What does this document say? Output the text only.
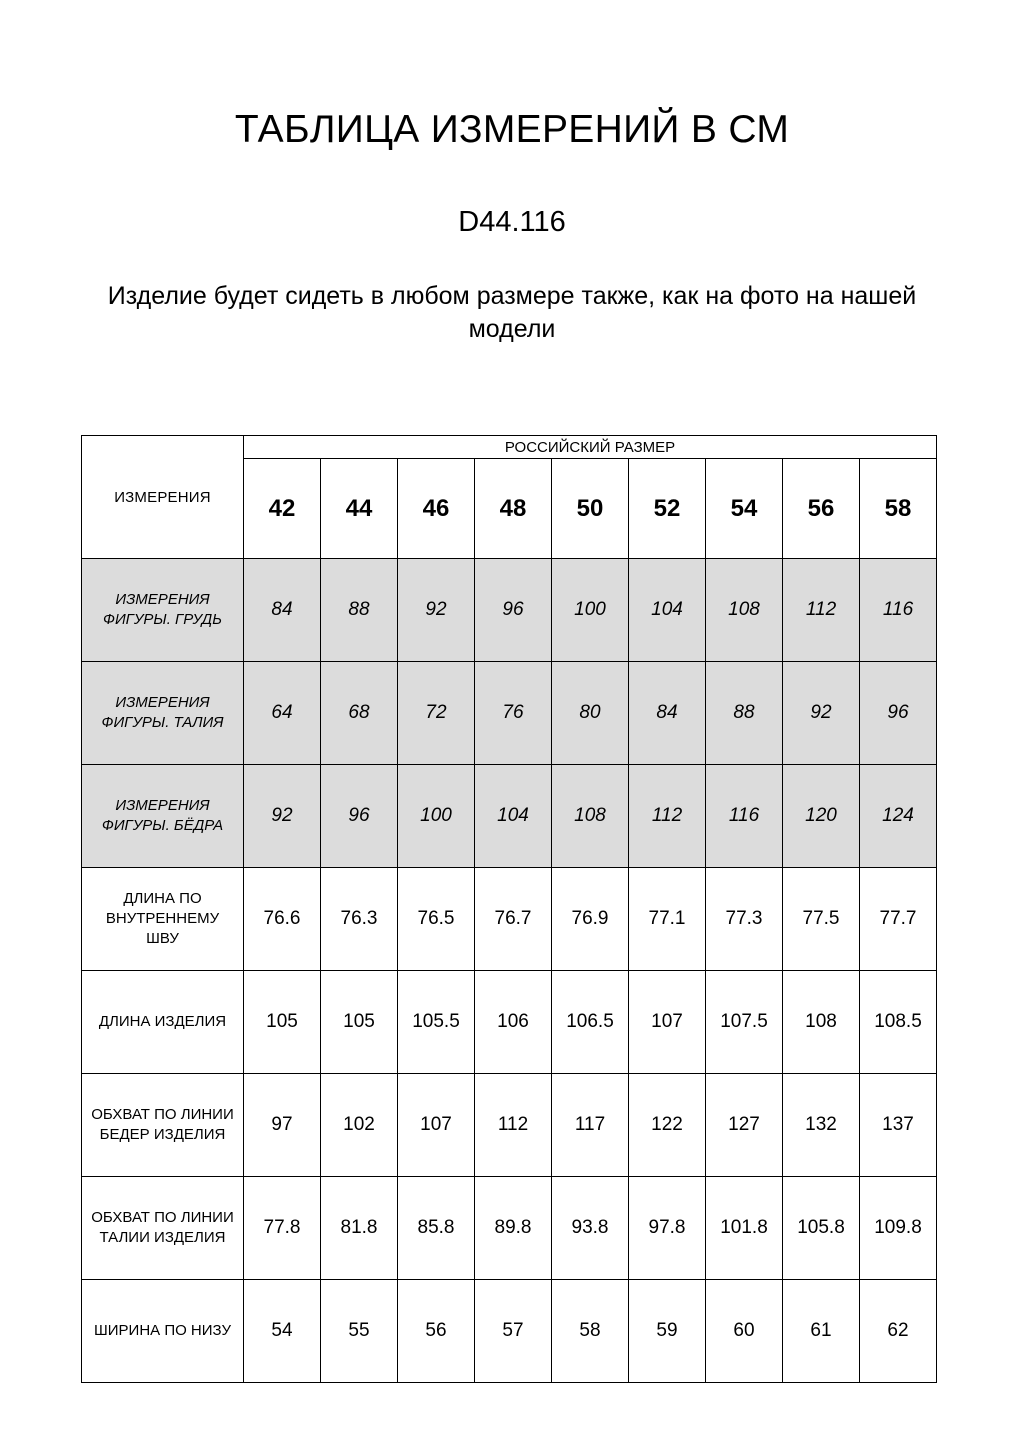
ТАБЛИЦА ИЗМЕРЕНИЙ В СМ
D44.116
Изделие будет сидеть в любом размере также, как на фото на нашей модели
ИЗМЕРЕНИЯ	РОССИЙСКИЙ РАЗМЕР								
	42	44	46	48	50	52	54	56	58
ИЗМЕРЕНИЯ ФИГУРЫ. ГРУДЬ	84	88	92	96	100	104	108	112	116
ИЗМЕРЕНИЯ ФИГУРЫ. ТАЛИЯ	64	68	72	76	80	84	88	92	96
ИЗМЕРЕНИЯ ФИГУРЫ. БЁДРА	92	96	100	104	108	112	116	120	124
ДЛИНА ПО ВНУТРЕННЕМУ ШВУ	76.6	76.3	76.5	76.7	76.9	77.1	77.3	77.5	77.7
ДЛИНА ИЗДЕЛИЯ	105	105	105.5	106	106.5	107	107.5	108	108.5
ОБХВАТ ПО ЛИНИИ БЕДЕР ИЗДЕЛИЯ	97	102	107	112	117	122	127	132	137
ОБХВАТ ПО ЛИНИИ ТАЛИИ ИЗДЕЛИЯ	77.8	81.8	85.8	89.8	93.8	97.8	101.8	105.8	109.8
ШИРИНА ПО НИЗУ	54	55	56	57	58	59	60	61	62
